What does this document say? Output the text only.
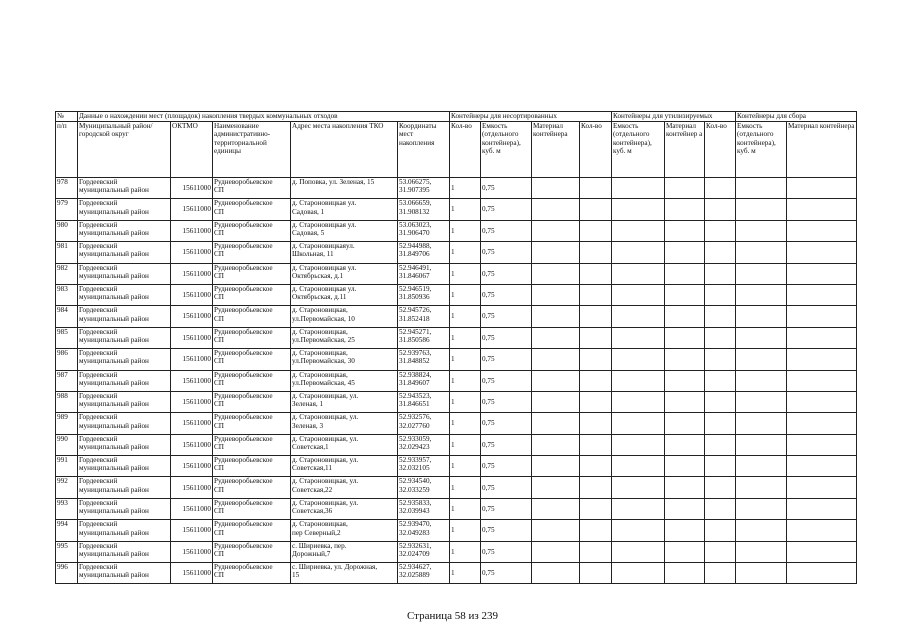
№	Данные о нахождении мест (площадок) накопления твердых коммунальных отходов					Контейнеры для несортированных				Контейнеры для утилизируемых			Контейнеры для сбора	
п/п	Муниципальный район/городской округ	ОКТМО	Наименование административно-территориальной единицы	Адрес места накопления ТКО	Координаты мест накопления	Кол-во	Емкость (отдельного контейнера), куб. м	Материал контейнера	Кол-во	Емкость (отдельного контейнера), куб. м	Материал контейнер а	Кол-во	Емкость (отдельного контейнера), куб. м	Материал контейнера
978	Гордеевский
муниципальный район	15611000	Рудневоробьевское
СП	д. Поповка, ул. Зеленая, 15	53.066275,
31.907395	1	0,75							
979	Гордеевский
муниципальный район	15611000	Рудневоробьевское
СП	д. Староновицкая ул.
Садовая, 1	53.066659,
31.908132	1	0,75							
980	Гордеевский
муниципальный район	15611000	Рудневоробьевское
СП	д. Староновицкая ул.
Садовая, 5	53.063023,
31.906470	1	0,75							
981	Гордеевский
муниципальный район	15611000	Рудневоробьевское
СП	д. Староновицкаяул.
Школьная, 11	52.944988,
31.849706	1	0,75							
982	Гордеевский
муниципальный район	15611000	Рудневоробьевское
СП	д. Староновицкая ул.
Октябрьская, д.1	52.946491,
31.846067	1	0,75							
983	Гордеевский
муниципальный район	15611000	Рудневоробьевское
СП	д. Староновицкая ул.
Октябрьская, д.11	52.946519,
31.850936	1	0,75							
984	Гордеевский
муниципальный район	15611000	Рудневоробьевское
СП	д. Староновицкая,
ул.Первомайская, 10	52.945726,
31.852418	1	0,75							
985	Гордеевский
муниципальный район	15611000	Рудневоробьевское
СП	д. Староновицкая,
ул.Первомайская, 25	52.945271,
31.850586	1	0,75							
986	Гордеевский
муниципальный район	15611000	Рудневоробьевское
СП	д. Староновицкая,
ул.Первомайская, 30	52.939763,
31.848852	1	0,75							
987	Гордеевский
муниципальный район	15611000	Рудневоробьевское
СП	д. Староновицкая,
ул.Первомайская, 45	52.938824,
31.849607	1	0,75							
988	Гордеевский
муниципальный район	15611000	Рудневоробьевское
СП	д. Староновицкая, ул.
Зеленая, 1	52.943523,
31.846651	1	0,75							
989	Гордеевский
муниципальный район	15611000	Рудневоробьевское
СП	д. Староновицкая, ул.
Зеленая, 3	52.932576,
32.027760	1	0,75							
990	Гордеевский
муниципальный район	15611000	Рудневоробьевское
СП	д. Староновицкая, ул.
Советская,1	52.933059,
32.029423	1	0,75							
991	Гордеевский
муниципальный район	15611000	Рудневоробьевское
СП	д. Староновицкая, ул.
Советская,11	52.933957,
32.032105	1	0,75							
992	Гордеевский
муниципальный район	15611000	Рудневоробьевское
СП	д. Староновицкая, ул.
Советская,22	52.934540,
32.033259	1	0,75							
993	Гордеевский
муниципальный район	15611000	Рудневоробьевское
СП	д. Староновицкая, ул.
Советская,36	52.935833,
32.039943	1	0,75							
994	Гордеевский
муниципальный район	15611000	Рудневоробьевское
СП	д. Староновицкая,
пер Северный,2	52.939470,
32.049283	1	0,75							
995	Гордеевский
муниципальный район	15611000	Рудневоробьевское
СП	с. Шириевка, пер.
Дорожный,7	52.932631,
32.024709	1	0,75							
996	Гордеевский
муниципальный район	15611000	Рудневоробьевское
СП	с. Шириевка, ул. Дорожная,
15	52.934627,
32.025889	1	0,75							
Страница 58 из 239
